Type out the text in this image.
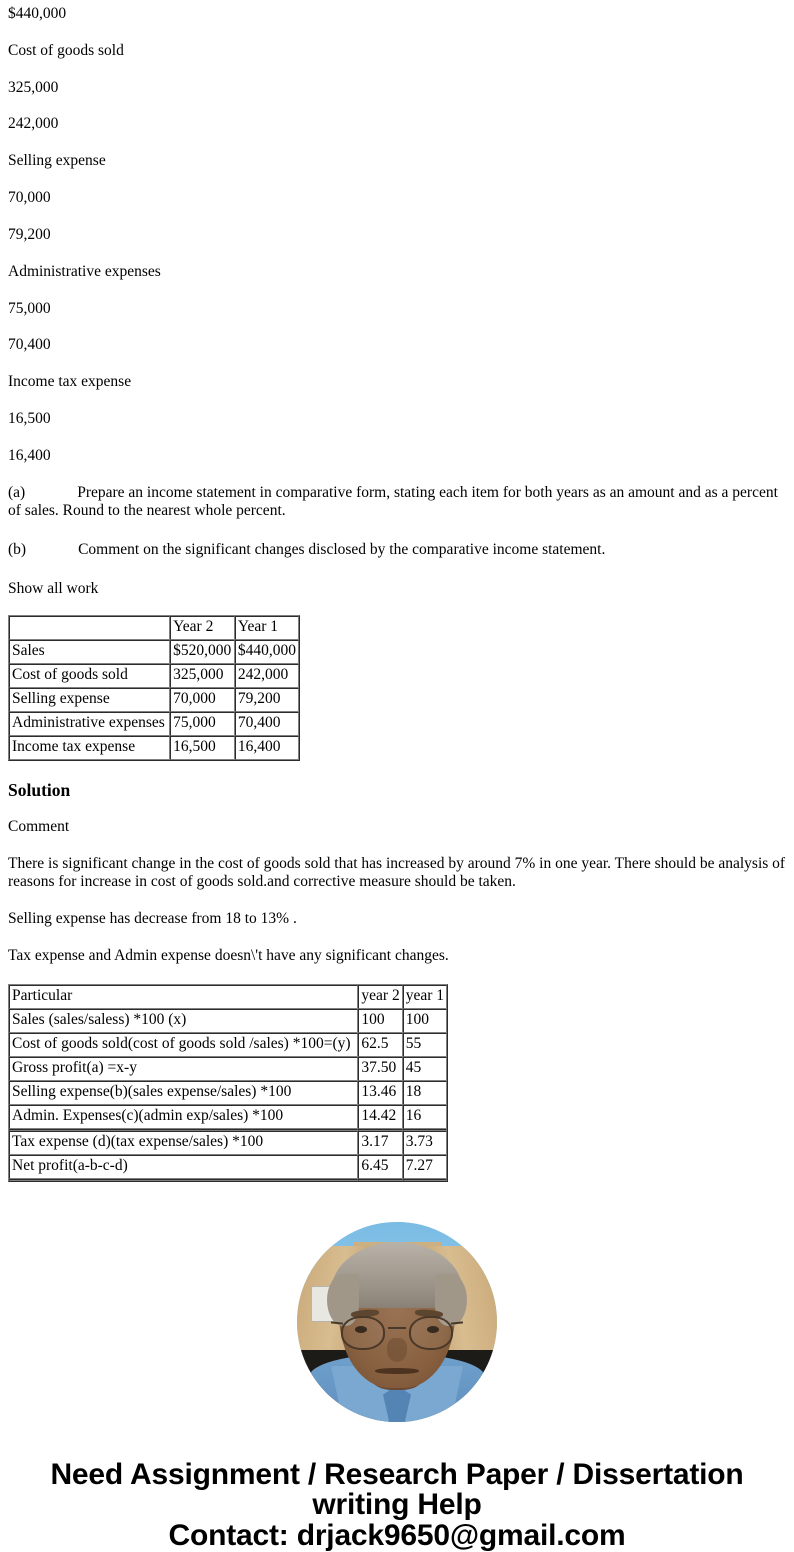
$440,000

Cost of goods sold

325,000

242,000

Selling expense

70,000

79,200

Administrative expenses

75,000

70,400

Income tax expense

16,500

16,400

(a)	Prepare an income statement in comparative form, stating each item for both years as an amount and as a percent of sales. Round to the nearest whole percent.

(b)	Comment on the significant changes disclosed by the comparative income statement.

Show all work

	Year 2	Year 1
Sales	$520,000	$440,000
Cost of goods sold	325,000	242,000
Selling expense	70,000	79,200
Administrative expenses	75,000	70,400
Income tax expense	16,500	16,400
Solution

Comment

There is significant change in the cost of goods sold that has increased by around 7% in one year. There should be analysis of reasons for increase in cost of goods sold.and corrective measure should be taken.

Selling expense has decrease from 18 to 13% .

Tax expense and Admin expense doesn\'t have any significant changes.

Particular	year 2	year 1
Sales (sales/saless) *100 (x)	100	100
Cost of goods sold(cost of goods sold /sales) *100=(y)	62.5	55
Gross profit(a) =x-y	37.50	45
Selling expense(b)(sales expense/sales) *100	13.46	18
Admin. Expenses(c)(admin exp/sales) *100	14.42	16

Tax expense (d)(tax expense/sales) *100	3.17	3.73
Net profit(a-b-c-d)	6.45	7.27

Need Assignment / Research Paper / Dissertation writing Help
Contact: drjack9650@gmail.com
